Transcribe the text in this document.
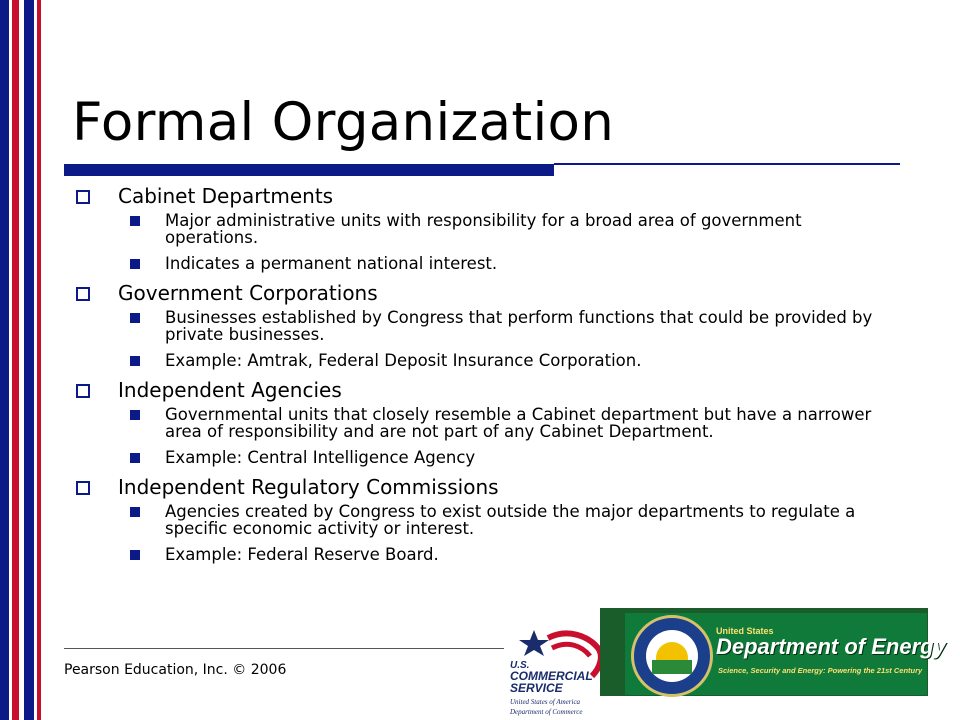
Formal Organization
Cabinet Departments
Major administrative units with responsibility for a broad area of government operations.
Indicates a permanent national interest.
Government Corporations
Businesses established by Congress that perform functions that could be provided by private businesses.
Example: Amtrak, Federal Deposit Insurance Corporation.
Independent Agencies
Governmental units that closely resemble a Cabinet department but have a narrower area of responsibility and are not part of any Cabinet Department.
Example: Central Intelligence Agency
Independent Regulatory Commissions
Agencies created by Congress to exist outside the major departments to regulate a specific economic activity or interest.
Example: Federal Reserve Board.
Pearson Education, Inc. © 2006	U.S.
COMMERCIAL
SERVICE
United States of America
Department of Commerce
United States
Department of Energy
Science, Security and Energy: Powering the 21st Century
